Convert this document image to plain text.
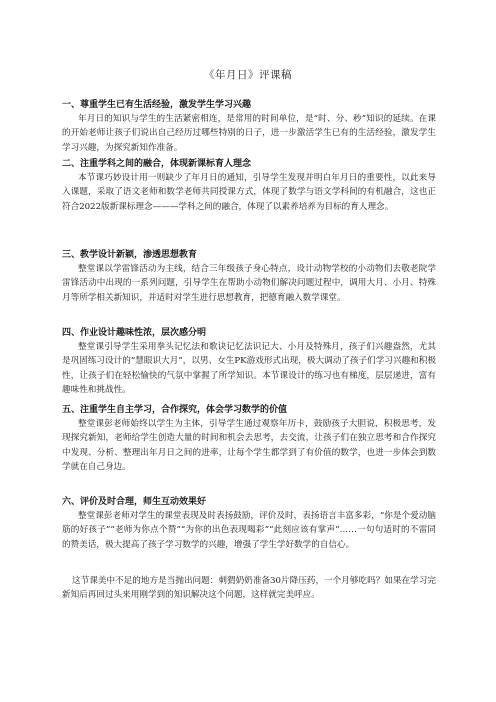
《年月日》评课稿

一、尊重学生已有生活经验，激发学生学习兴趣

年月日的知识与学生的生活紧密相连，是常用的时间单位，是“时、分、秒”知识的延续。在课的开始老师让孩子们说出自己经历过哪些特别的日子，进一步激活学生已有的生活经验，激发学生学习兴趣，为探究新知作准备。

二、注重学科之间的融合，体现新课标育人理念

本节课巧妙设计用一则缺少了年月日的通知，引导学生发现并明白年月日的重要性，以此来导入课题，采取了语文老师和数学老师共同授课方式，体现了数学与语文学科间的有机融合，这也正符合2022版新课标理念———学科之间的融合，体现了以素养培养为目标的育人理念。

三、教学设计新颖，渗透思想教育

整堂课以学雷锋活动为主线，结合三年级孩子身心特点，设计动物学校的小动物们去敬老院学雷锋活动中出现的一系列问题，引导学生在帮助小动物们解决问题过程中，调用大月、小月、特殊月等所学相关新知识，并适时对学生进行思想教育，把德育融入数学课堂。

四、作业设计趣味性浓，层次感分明

整堂课引导学生采用拳头记忆法和歌诀记忆法识记大、小月及特殊月，孩子们兴趣盎然，尤其是巩固练习设计的“慧眼识大月”，以男、女生PK游戏形式出现，极大调动了孩子们学习兴趣和积极性，让孩子们在轻松愉快的气氛中掌握了所学知识。本节课设计的练习也有梯度，层层递进，富有趣味性和挑战性。

五、注重学生自主学习，合作探究，体会学习数学的价值

整堂课彭老师始终以学生为主体，引导学生通过观察年历卡，鼓励孩子大胆说，积极思考，发现探究新知，老师给学生创造大量的时间和机会去思考，去交流，让孩子们在独立思考和合作探究中发现、分析、整理出年月日之间的进率，让每个学生都学到了有价值的数学，也进一步体会到数学就在自己身边。

六、评价及时合理，师生互动效果好

整堂课彭老师对学生的课堂表现及时表扬鼓励，评价及时，表扬语言丰富多彩，“你是个爱动脑筋的好孩子”“老师为你点个赞”“为你的出色表现喝彩”“此刻应该有掌声”……一句句适时的不雷同的赞美话，极大提高了孩子学习数学的兴趣，增强了学生学好数学的自信心。

这节课美中不足的地方是当抛出问题：刺猬奶奶准备30片降压药，一个月够吃吗？如果在学习完新知后再回过头来用刚学到的知识解决这个问题，这样就完美呼应。
